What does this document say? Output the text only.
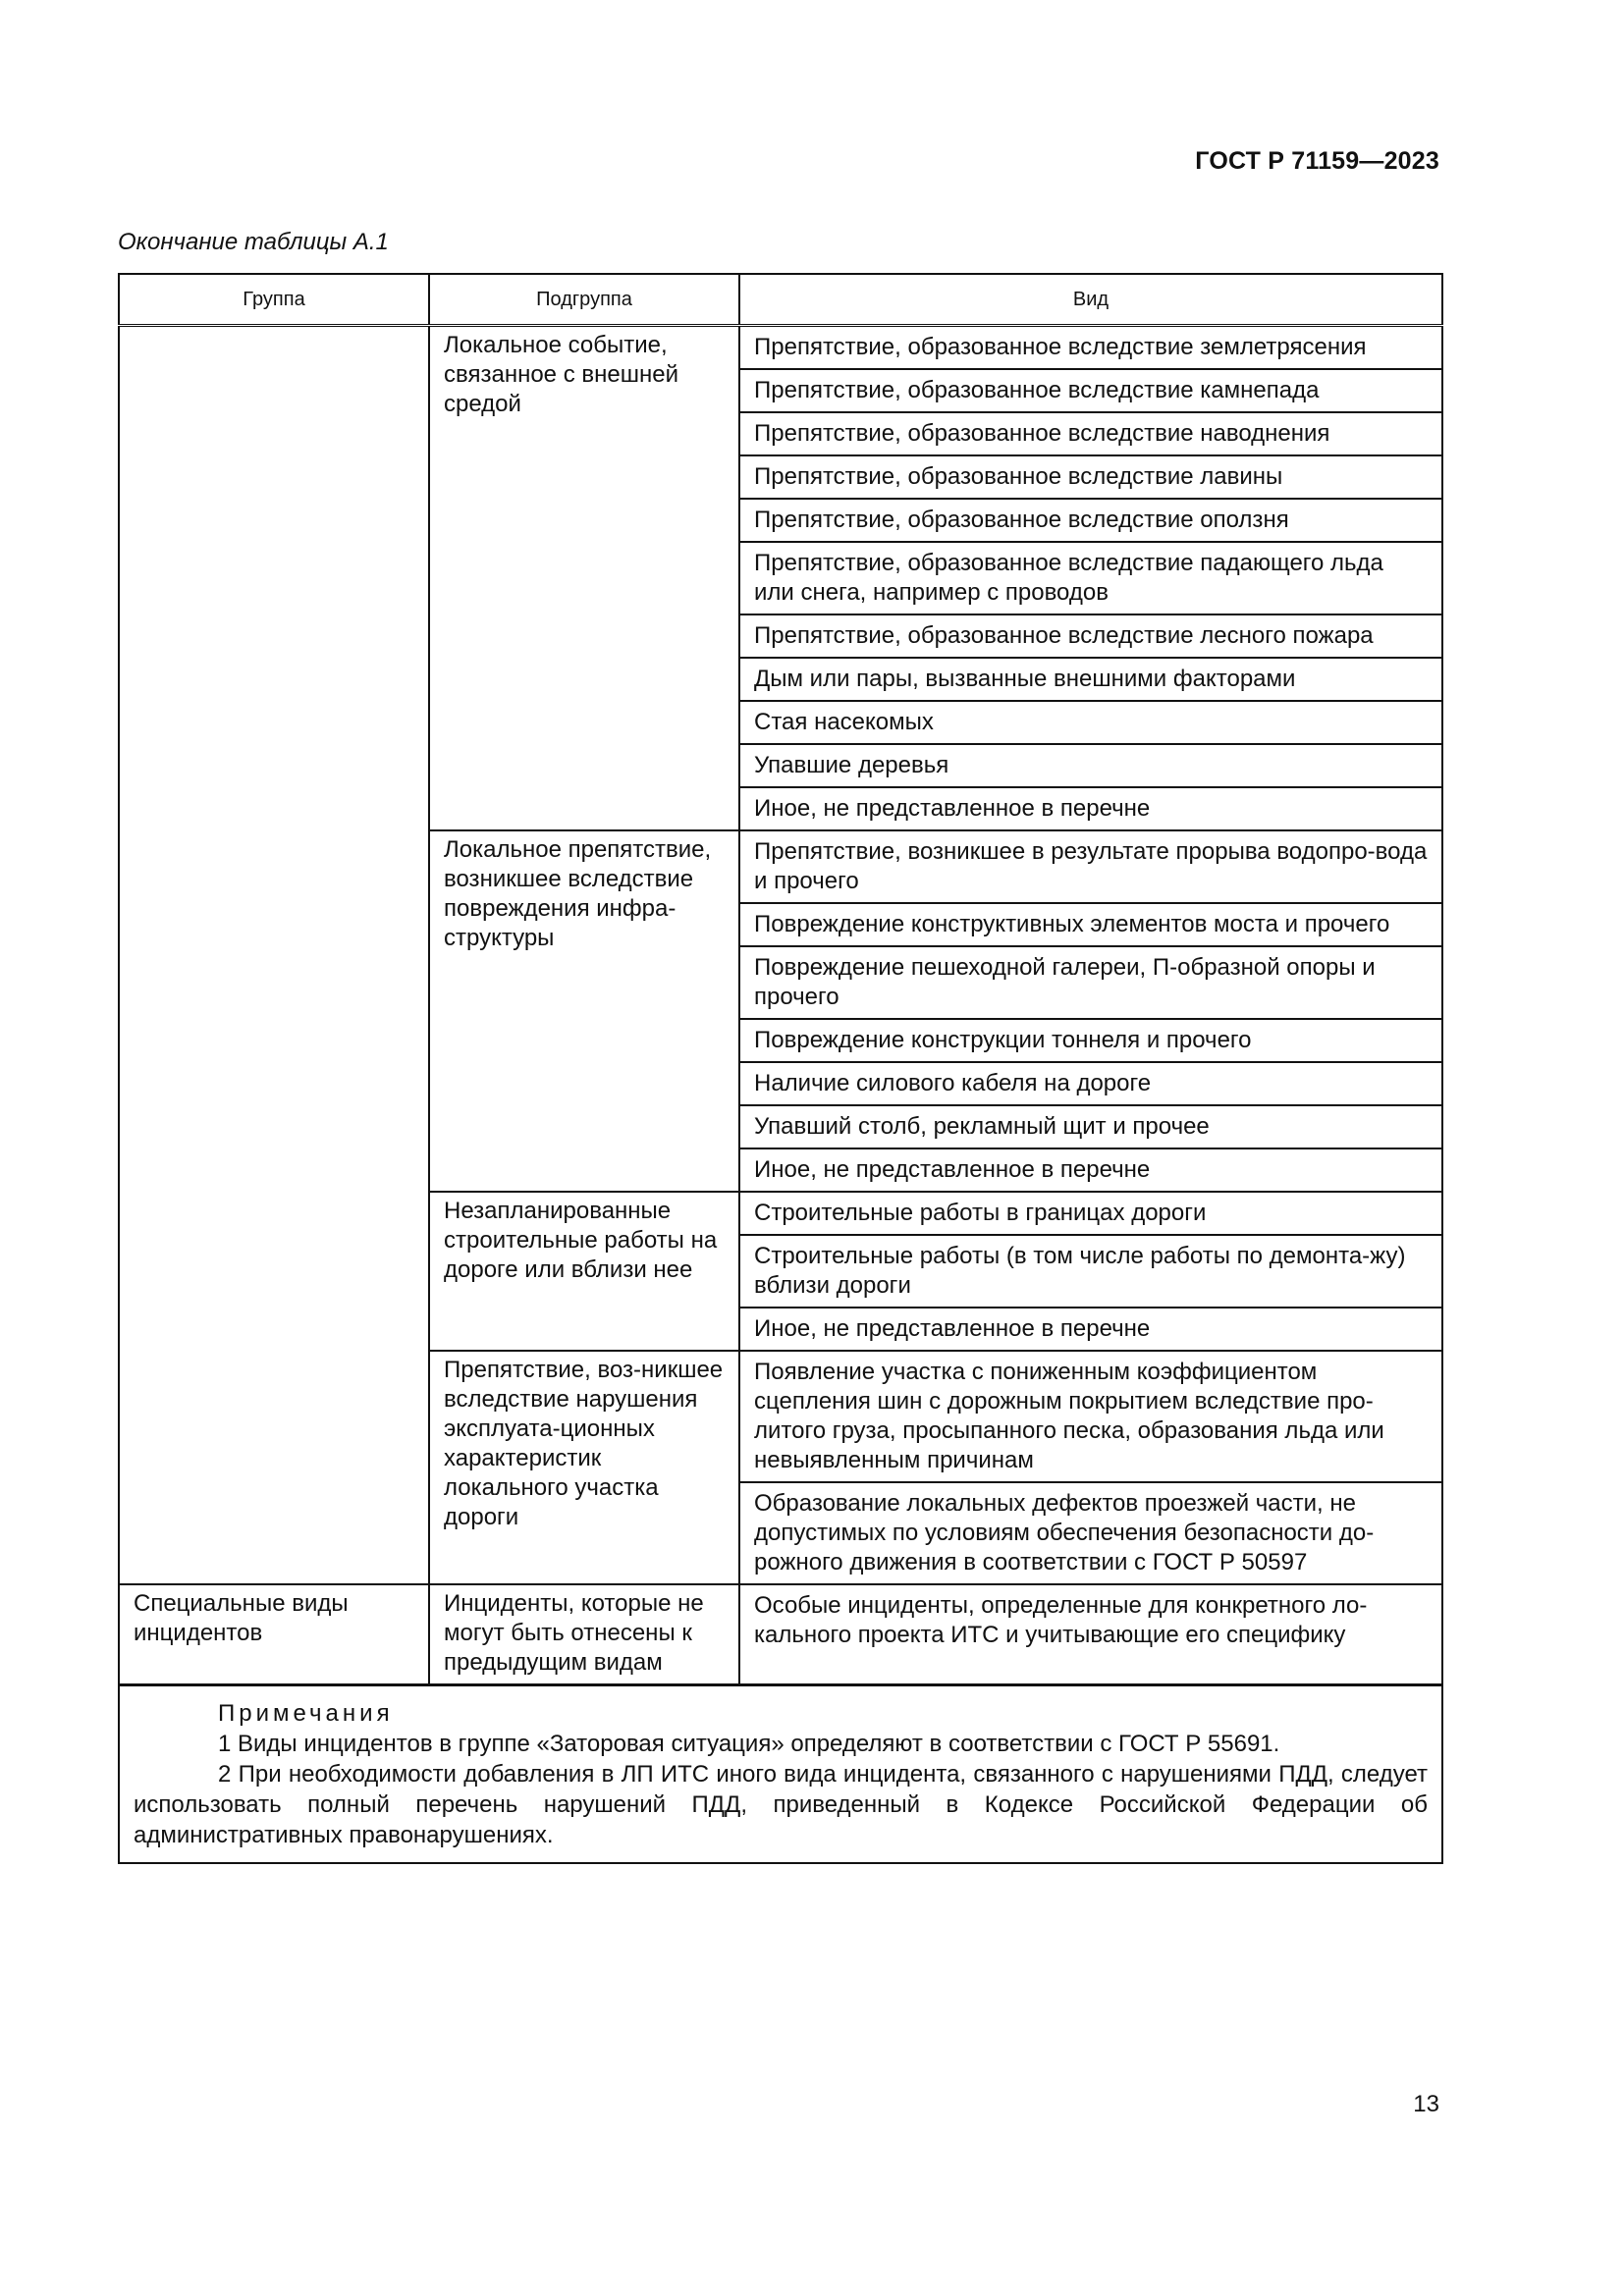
ГОСТ Р 71159—2023
Окончание таблицы А.1
Группа	Подгруппа	Вид
	Локальное событие, связанное с внешней средой	Препятствие, образованное вследствие землетрясения
		Препятствие, образованное вследствие камнепада
		Препятствие, образованное вследствие наводнения
		Препятствие, образованное вследствие лавины
		Препятствие, образованное вследствие оползня
		Препятствие, образованное вследствие падающего льда или снега, например с проводов
		Препятствие, образованное вследствие лесного пожара
		Дым или пары, вызванные внешними факторами
		Стая насекомых
		Упавшие деревья
		Иное, не представленное в перечне
	Локальное препятствие, возникшее вследствие повреждения инфра-структуры	Препятствие, возникшее в результате прорыва водопро-вода и прочего
		Повреждение конструктивных элементов моста и прочего
		Повреждение пешеходной галереи, П-образной опоры и прочего
		Повреждение конструкции тоннеля и прочего
		Наличие силового кабеля на дороге
		Упавший столб, рекламный щит и прочее
		Иное, не представленное в перечне
	Незапланированные строительные работы на дороге или вблизи нее	Строительные работы в границах дороги
		Строительные работы (в том числе работы по демонта-жу) вблизи дороги
		Иное, не представленное в перечне
	Препятствие, воз-никшее вследствие нарушения эксплуата-ционных характеристик локального участка дороги	Появление участка с пониженным коэффициентом сцепления шин с дорожным покрытием вследствие про-литого груза, просыпанного песка, образования льда или невыявленным причинам
		Образование локальных дефектов проезжей части, не допустимых по условиям обеспечения безопасности до-рожного движения в соответствии с ГОСТ Р 50597
Специальные виды инцидентов	Инциденты, которые не могут быть отнесены к предыдущим видам	Особые инциденты, определенные для конкретного ло-кального проекта ИТС и учитывающие его специфику

Примечания
1 Виды инцидентов в группе «Заторовая ситуация» определяют в соответствии с ГОСТ Р 55691.
2 При необходимости добавления в ЛП ИТС иного вида инцидента, связанного с нарушениями ПДД, следует использовать полный перечень нарушений ПДД, приведенный в Кодексе Российской Федерации об административных правонарушениях.		
13
